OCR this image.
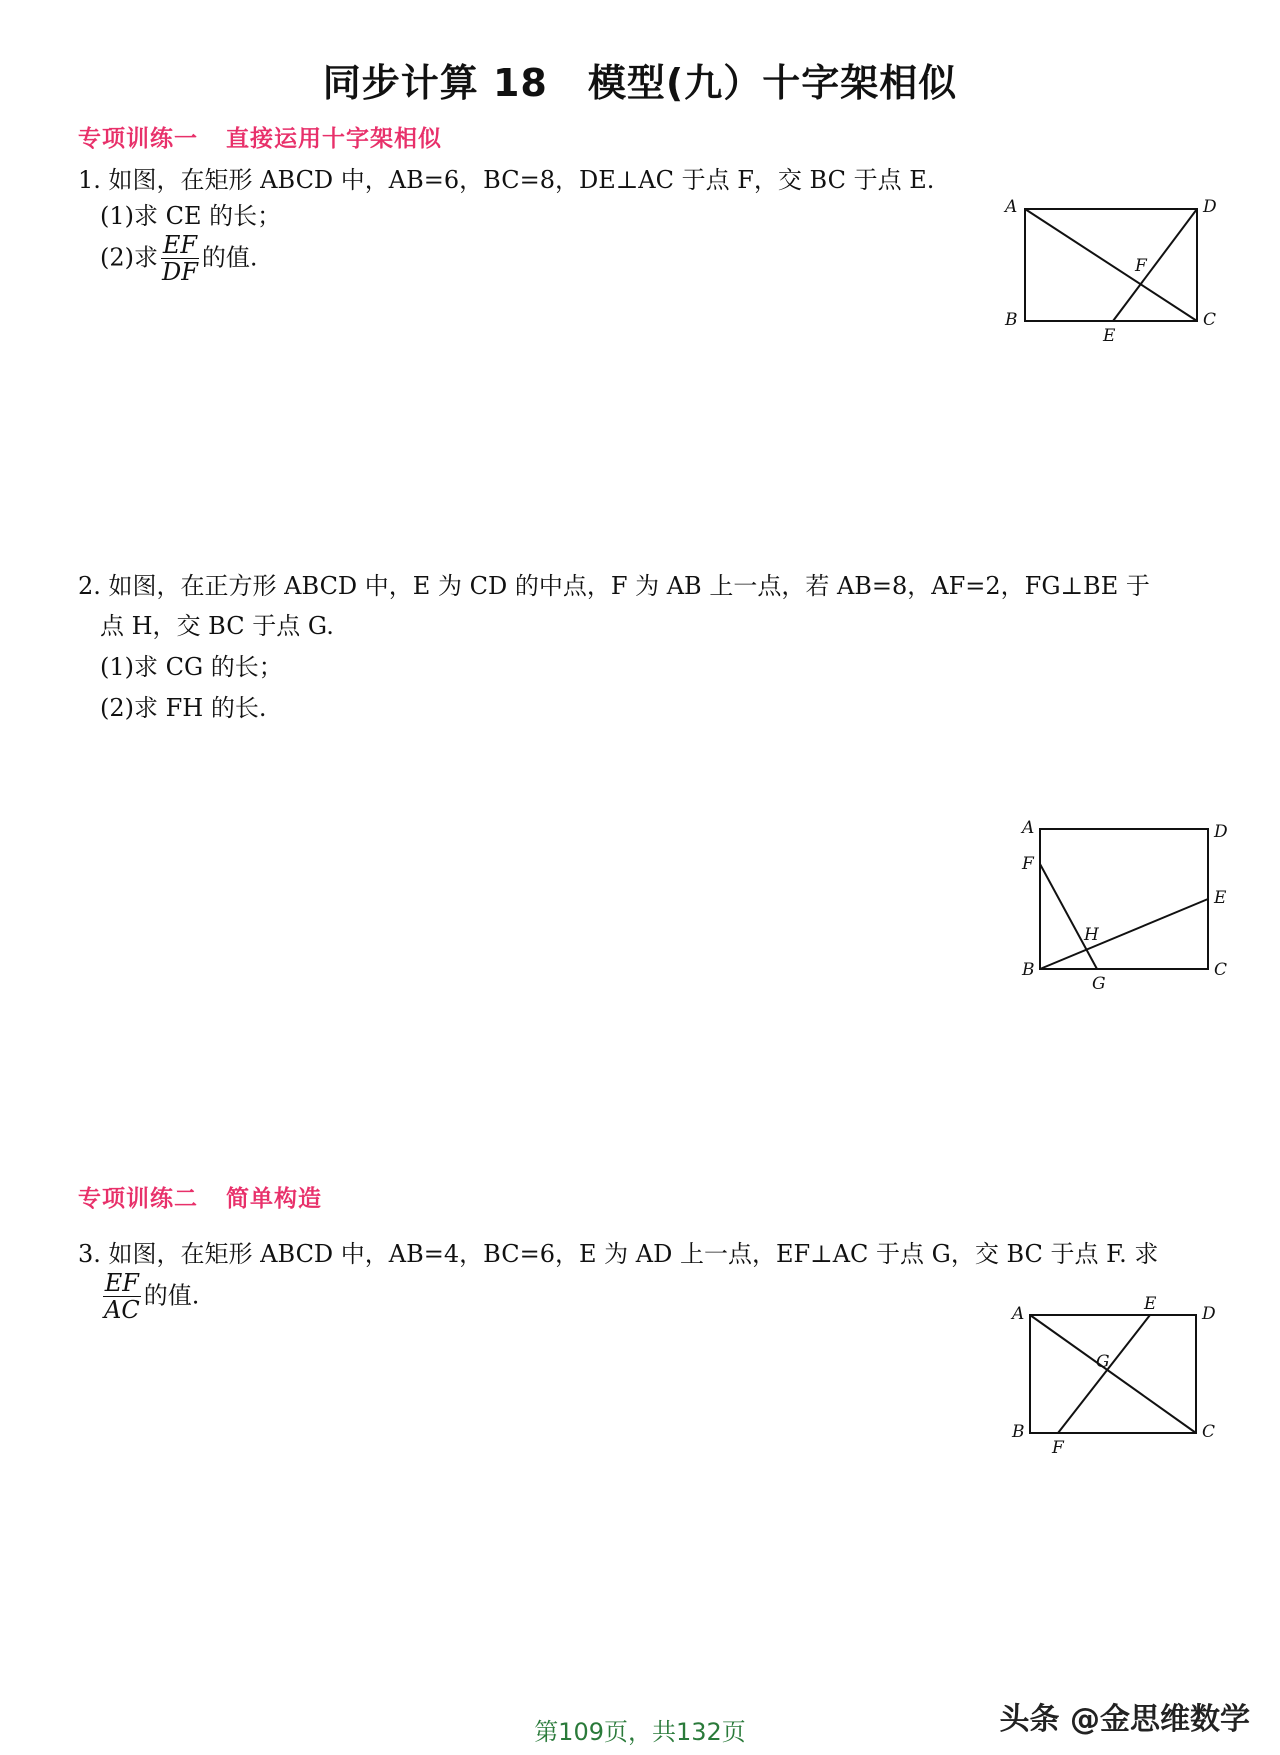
同步计算 18 模型(九）十字架相似
专项训练一 直接运用十字架相似
1. 如图，在矩形 ABCD 中，AB=6，BC=8，DE⊥AC 于点 F，交 BC 于点 E.
(1)求 CE 的长；
(2)求 $\frac{EF}{DF}$ 的值.
A	D
B	C
E
F
2. 如图，在正方形 ABCD 中，E 为 CD 的中点，F 为 AB 上一点，若 AB=8，AF=2，FG⊥BE 于
点 H，交 BC 于点 G.
(1)求 CG 的长；
(2)求 FH 的长.
A	D
F
E
H
B	C
G
专项训练二 简单构造
3. 如图，在矩形 ABCD 中，AB=4，BC=6，E 为 AD 上一点，EF⊥AC 于点 G，交 BC 于点 F. 求
$\frac{EF}{AC}$ 的值.
A	E	D
G
B	C
F
第109页，共132页	头条 @金思维数学
